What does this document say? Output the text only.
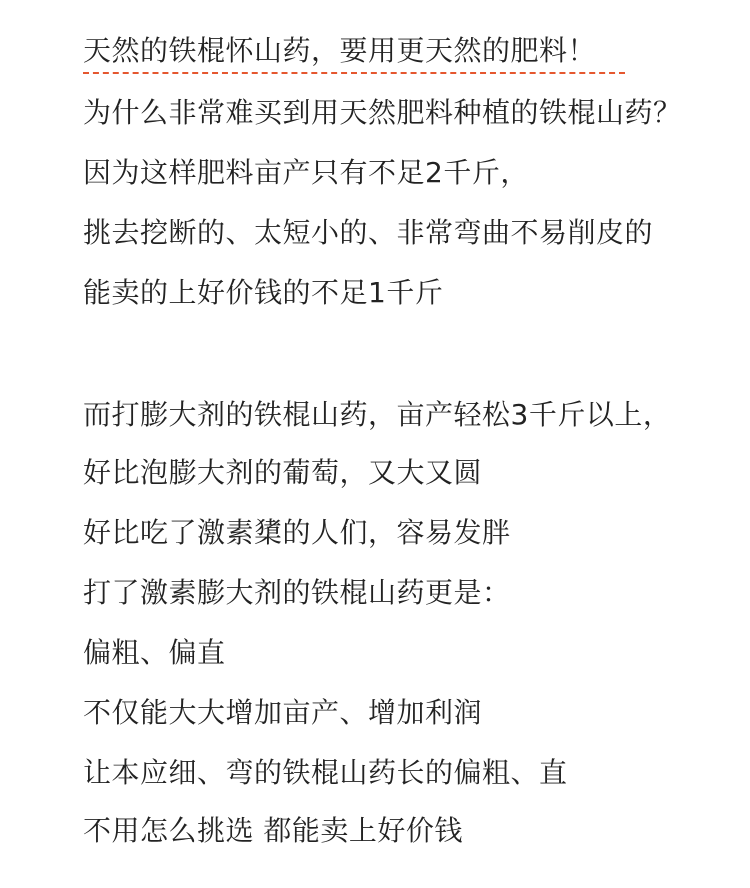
天然的铁棍怀山药，要用更天然的肥料！
为什么非常难买到用天然肥料种植的铁棍山药？
因为这样肥料亩产只有不足2千斤，
挑去挖断的、太短小的、非常弯曲不易削皮的
能卖的上好价钱的不足1千斤
而打膨大剂的铁棍山药，亩产轻松3千斤以上，
好比泡膨大剂的葡萄，又大又圆
好比吃了激素橥的人们，容易发胖
打了激素膨大剂的铁棍山药更是：
偏粗、偏直
不仅能大大增加亩产、增加利润
让本应细、弯的铁棍山药长的偏粗、直
不用怎么挑选 都能卖上好价钱
